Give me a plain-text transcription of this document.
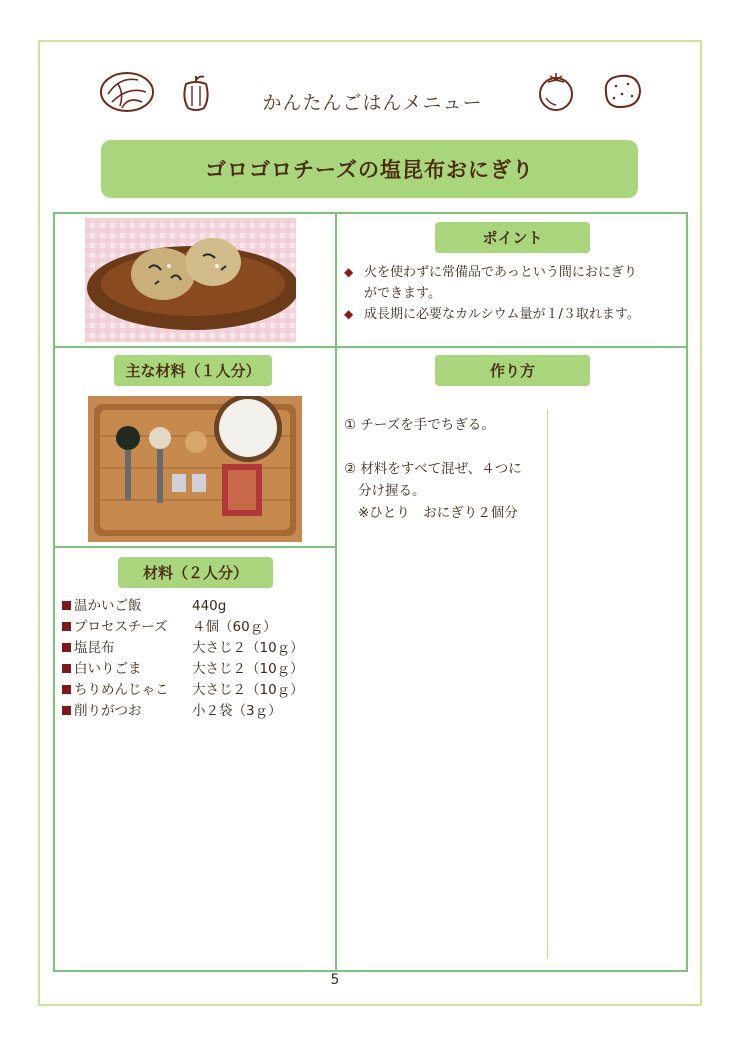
かんたんごはんメニュー
ゴロゴロチーズの塩昆布おにぎり
ポイント
◆ 火を使わずに常備品であっという間におにぎり
ができます。
◆ 成長期に必要なカルシウム量が１/３取れます。
主な材料（１人分）
材料（２人分）
温かいご飯	440g
プロセスチーズ ４個（60ｇ）
塩昆布	大さじ２（10ｇ）
白いりごま	大さじ２（10ｇ）
ちりめんじゃこ 大さじ２（10ｇ）
削りがつお	小２袋（3ｇ）
作り方
① チーズを手でちぎる。
② 材料をすべて混ぜ、４つに
分け握る。
※ひとり　おにぎり２個分
5
